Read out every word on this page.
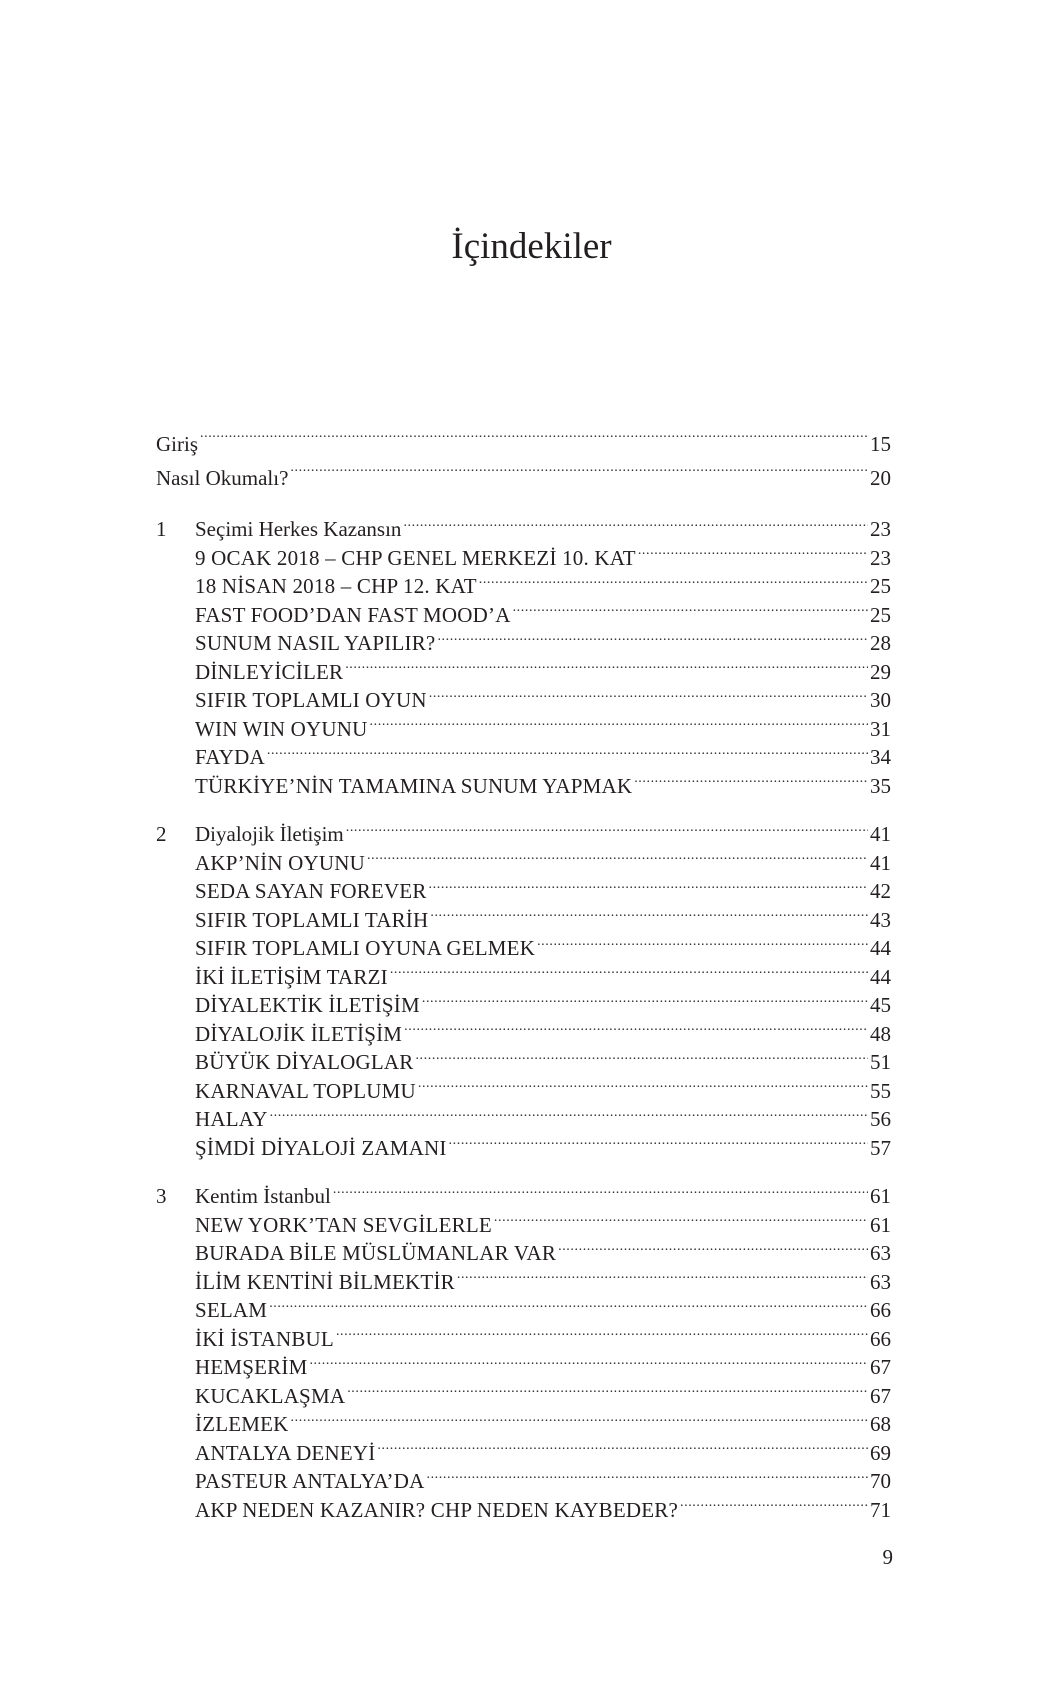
İçindekiler
Giriş .....	15
Nasıl Okumalı? .....	20
1	Seçimi Herkes Kazansın .....	23
9 OCAK 2018 – CHP GENEL MERKEZİ 10. KAT .....	23
18 NİSAN 2018 – CHP 12. KAT .....	25
FAST FOOD’DAN FAST MOOD’A .....	25
SUNUM NASIL YAPILIR? .....	28
DİNLEYİCİLER .....	29
SIFIR TOPLAMLI OYUN .....	30
WIN WIN OYUNU .....	31
FAYDA .....	34
TÜRKİYE’NİN TAMAMINA SUNUM YAPMAK .....	35
2	Diyalojik İletişim .....	41
AKP’NİN OYUNU .....	41
SEDA SAYAN FOREVER .....	42
SIFIR TOPLAMLI TARİH .....	43
SIFIR TOPLAMLI OYUNA GELMEK .....	44
İKİ İLETİŞİM TARZI .....	44
DİYALEKTİK İLETİŞİM .....	45
DİYALOJİK İLETİŞİM .....	48
BÜYÜK DİYALOGLAR .....	51
KARNAVAL TOPLUMU .....	55
HALAY .....	56
ŞİMDİ DİYALOJİ ZAMANI .....	57
3	Kentim İstanbul .....	61
NEW YORK’TAN SEVGİLERLE .....	61
BURADA BİLE MÜSLÜMANLAR VAR .....	63
İLİM KENTİNİ BİLMEKTİR .....	63
SELAM .....	66
İKİ İSTANBUL .....	66
HEMŞERİM .....	67
KUCAKLAŞMA .....	67
İZLEMEK .....	68
ANTALYA DENEYİ .....	69
PASTEUR ANTALYA’DA .....	70
AKP NEDEN KAZANIR? CHP NEDEN KAYBEDER? .....	71
9
